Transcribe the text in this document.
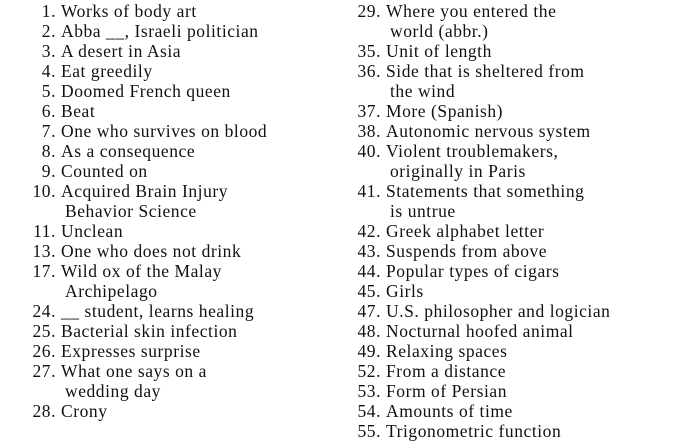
1. Works of body art
2. Abba __, Israeli politician
3. A desert in Asia
4. Eat greedily
5. Doomed French queen
6. Beat
7. One who survives on blood
8. As a consequence
9. Counted on
10. Acquired Brain Injury
Behavior Science
11. Unclean
13. One who does not drink
17. Wild ox of the Malay
Archipelago
24. __ student, learns healing
25. Bacterial skin infection
26. Expresses surprise
27. What one says on a
wedding day
28. Crony
29. Where you entered the
world (abbr.)
35. Unit of length
36. Side that is sheltered from
the wind
37. More (Spanish)
38. Autonomic nervous system
40. Violent troublemakers,
originally in Paris
41. Statements that something
is untrue
42. Greek alphabet letter
43. Suspends from above
44. Popular types of cigars
45. Girls
47. U.S. philosopher and logician
48. Nocturnal hoofed animal
49. Relaxing spaces
52. From a distance
53. Form of Persian
54. Amounts of time
55. Trigonometric function
